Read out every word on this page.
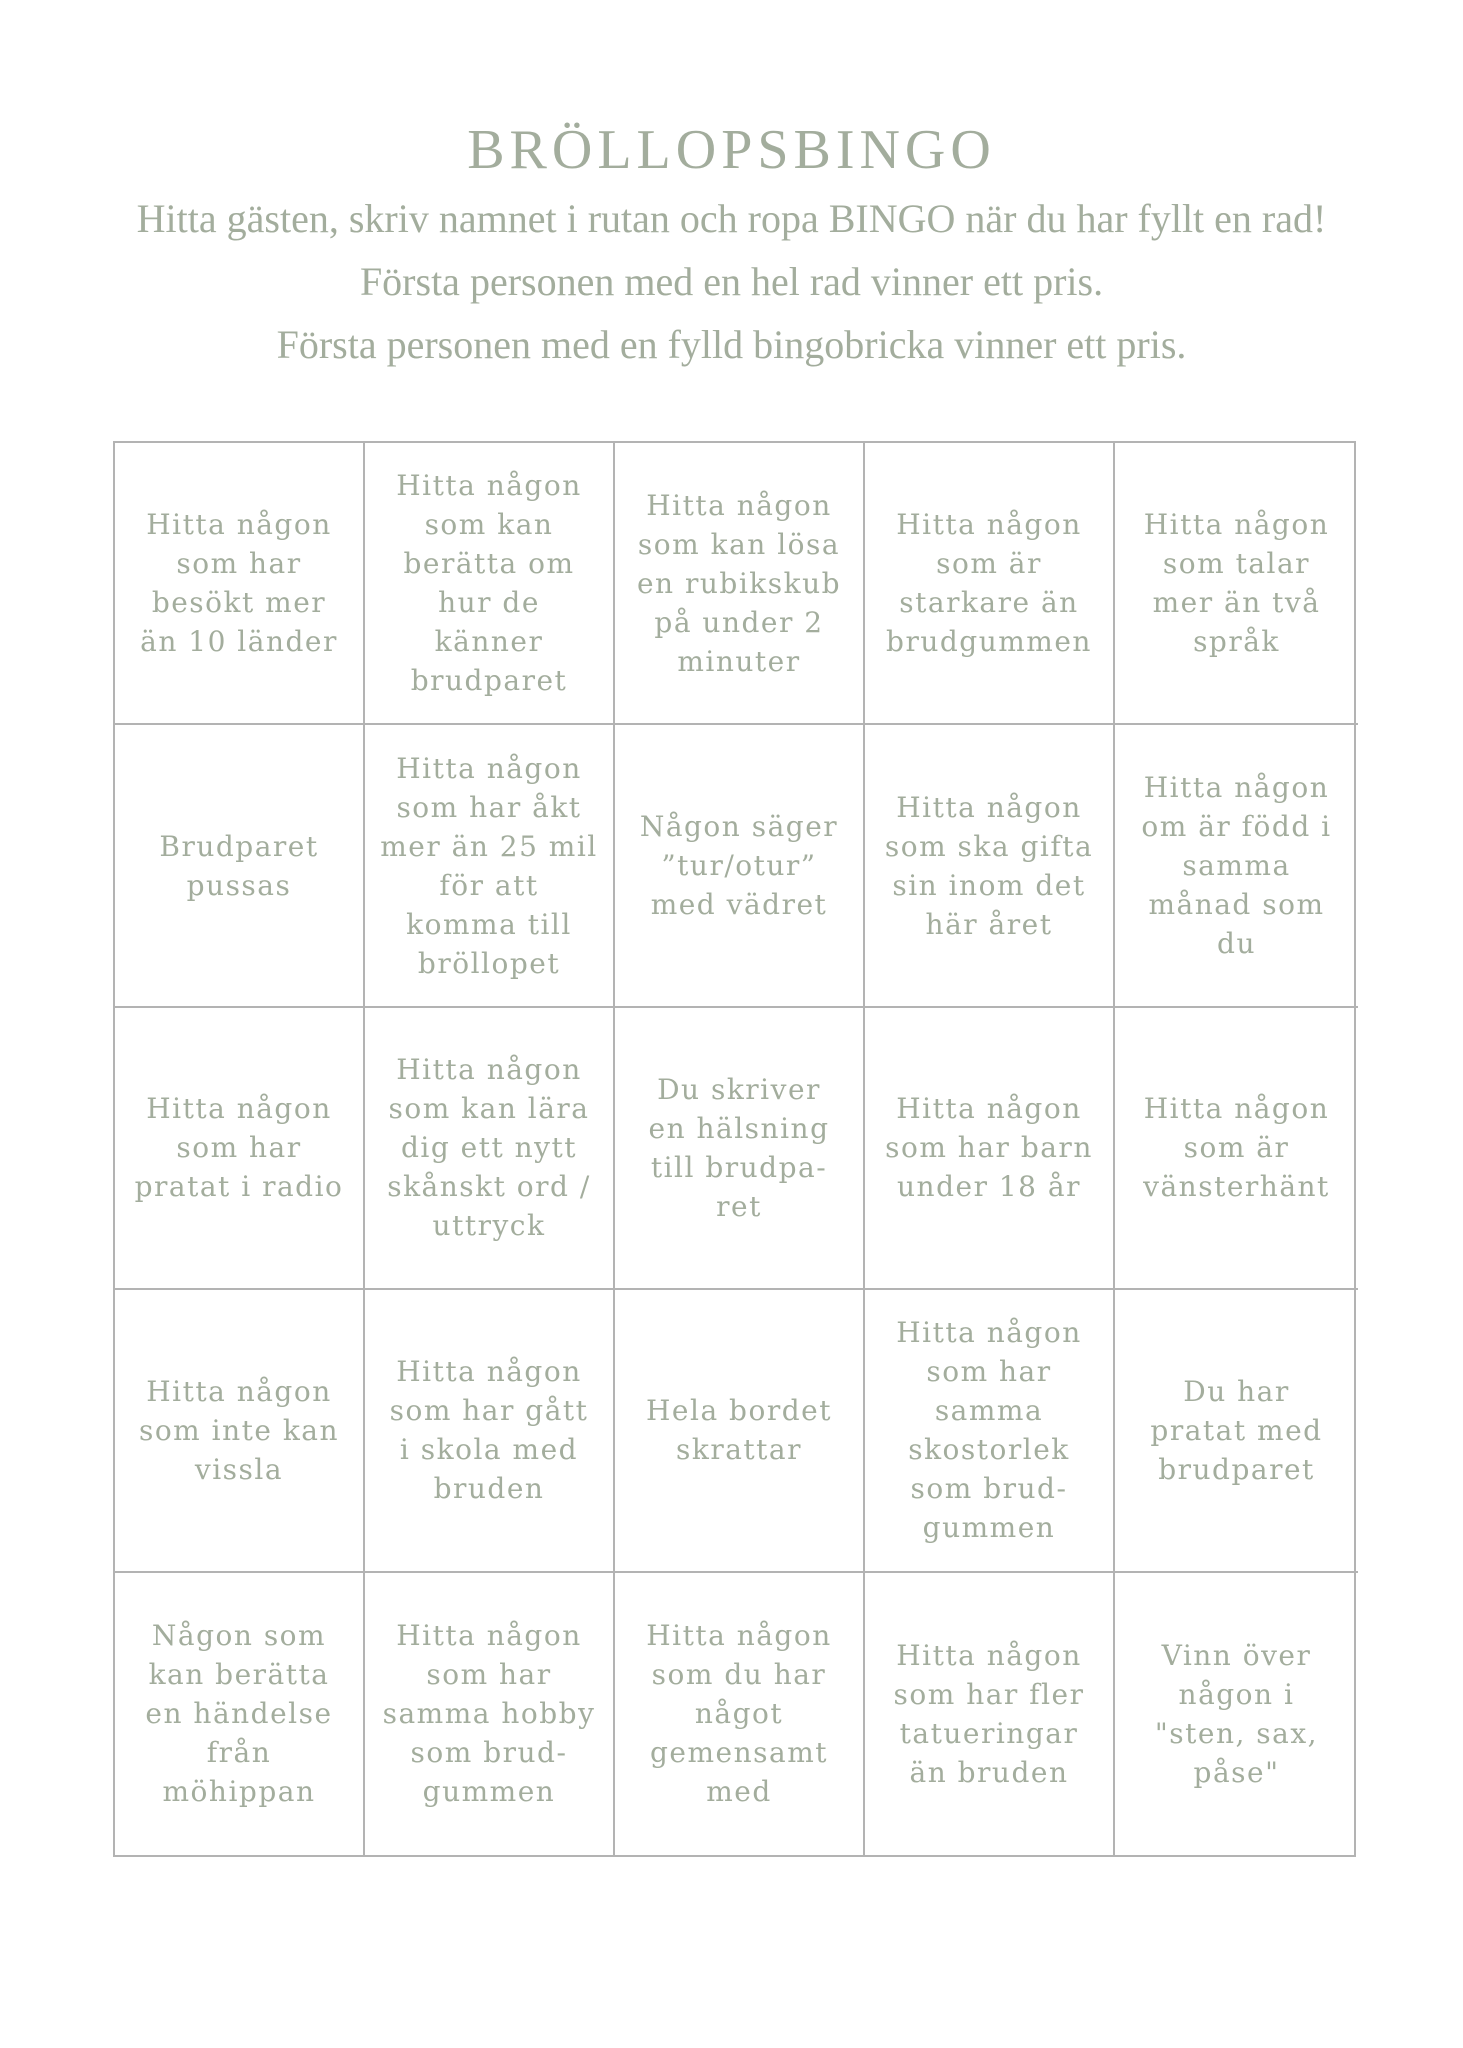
BRÖLLOPSBINGO
Hitta gästen, skriv namnet i rutan och ropa BINGO när du har fyllt en rad!
Första personen med en hel rad vinner ett pris.
Första personen med en fylld bingobricka vinner ett pris.
Hitta någon
som har
besökt mer
än 10 länder
Hitta någon
som kan
berätta om
hur de känner
brudparet
Hitta någon
som kan lösa
en rubikskub
på under 2
minuter
Hitta någon
som är
starkare än
brudgummen
Hitta någon
som talar
mer än två
språk
Brudparet
pussas
Hitta någon
som har åkt
mer än 25 mil
för att
komma till
bröllopet
Någon säger
”tur/otur”
med vädret
Hitta någon
som ska gifta
sin inom det
här året
Hitta någon
om är född i
samma
månad som
du
Hitta någon
som har
pratat i radio
Hitta någon
som kan lära
dig ett nytt
skånskt ord /
uttryck
Du skriver
en hälsning
till brudpa-
ret
Hitta någon
som har barn
under 18 år
Hitta någon
som är
vänsterhänt
Hitta någon
som inte kan
vissla
Hitta någon
som har gått
i skola med
bruden
Hela bordet
skrattar
Hitta någon
som har
samma
skostorlek
som brud-
gummen
Du har
pratat med
brudparet
Någon som
kan berätta
en händelse
från
möhippan
Hitta någon
som har
samma hobby
som brud-
gummen
Hitta någon
som du har
något
gemensamt
med
Hitta någon
som har fler
tatueringar
än bruden
Vinn över
någon i
"sten, sax,
påse"
